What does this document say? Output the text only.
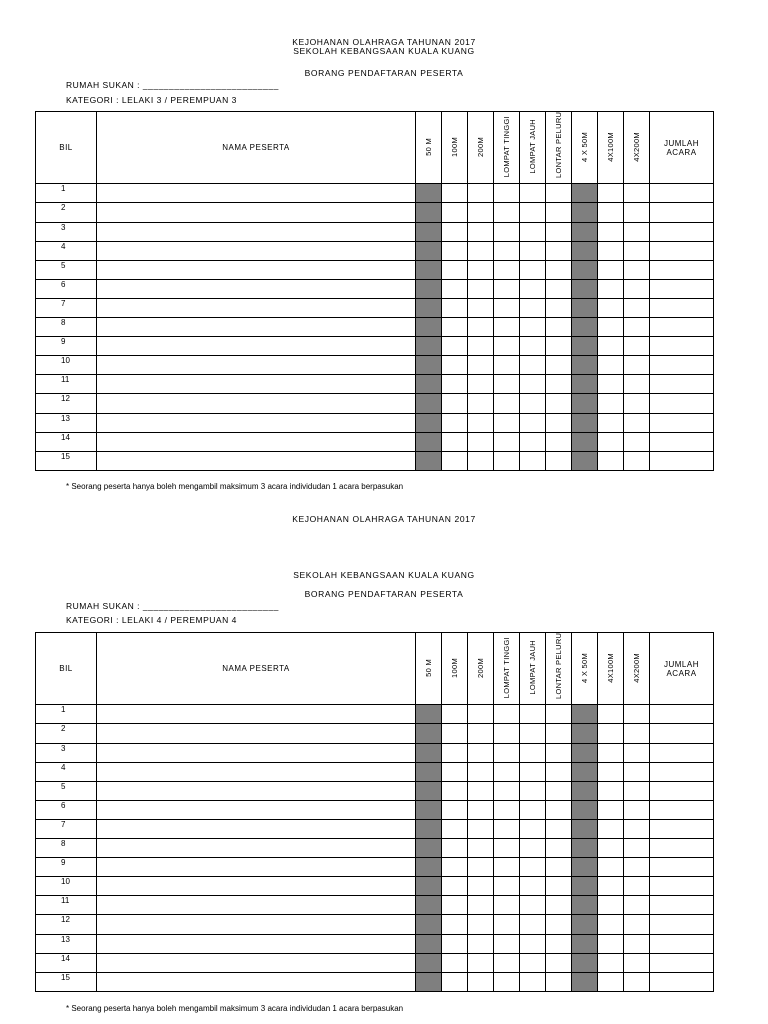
KEJOHANAN OLAHRAGA TAHUNAN 2017
SEKOLAH KEBANGSAAN KUALA KUANG
BORANG PENDAFTARAN PESERTA
RUMAH SUKAN : __________________________
KATEGORI : LELAKI 3 / PEREMPUAN 3
BIL	NAMA PESERTA	50 M	100M	200M	LOMPAT TINGGI	LOMPAT JAUH	LONTAR PELURU	4 X 50M	4X100M	4X200M	JUMLAH
ACARA

1											
2											
3											
4											
5											
6											
7											
8											
9											
10											
11											
12											
13											
14											
15											
* Seorang peserta hanya boleh mengambil maksimum 3 acara individudan 1 acara berpasukan
KEJOHANAN OLAHRAGA TAHUNAN 2017
SEKOLAH KEBANGSAAN KUALA KUANG
BORANG PENDAFTARAN PESERTA
RUMAH SUKAN : __________________________
KATEGORI : LELAKI 4 / PEREMPUAN 4
BIL	NAMA PESERTA	50 M	100M	200M	LOMPAT TINGGI	LOMPAT JAUH	LONTAR PELURU	4 X 50M	4X100M	4X200M	JUMLAH
ACARA

1											
2											
3											
4											
5											
6											
7											
8											
9											
10											
11											
12											
13											
14											
15											
* Seorang peserta hanya boleh mengambil maksimum 3 acara individudan 1 acara berpasukan
